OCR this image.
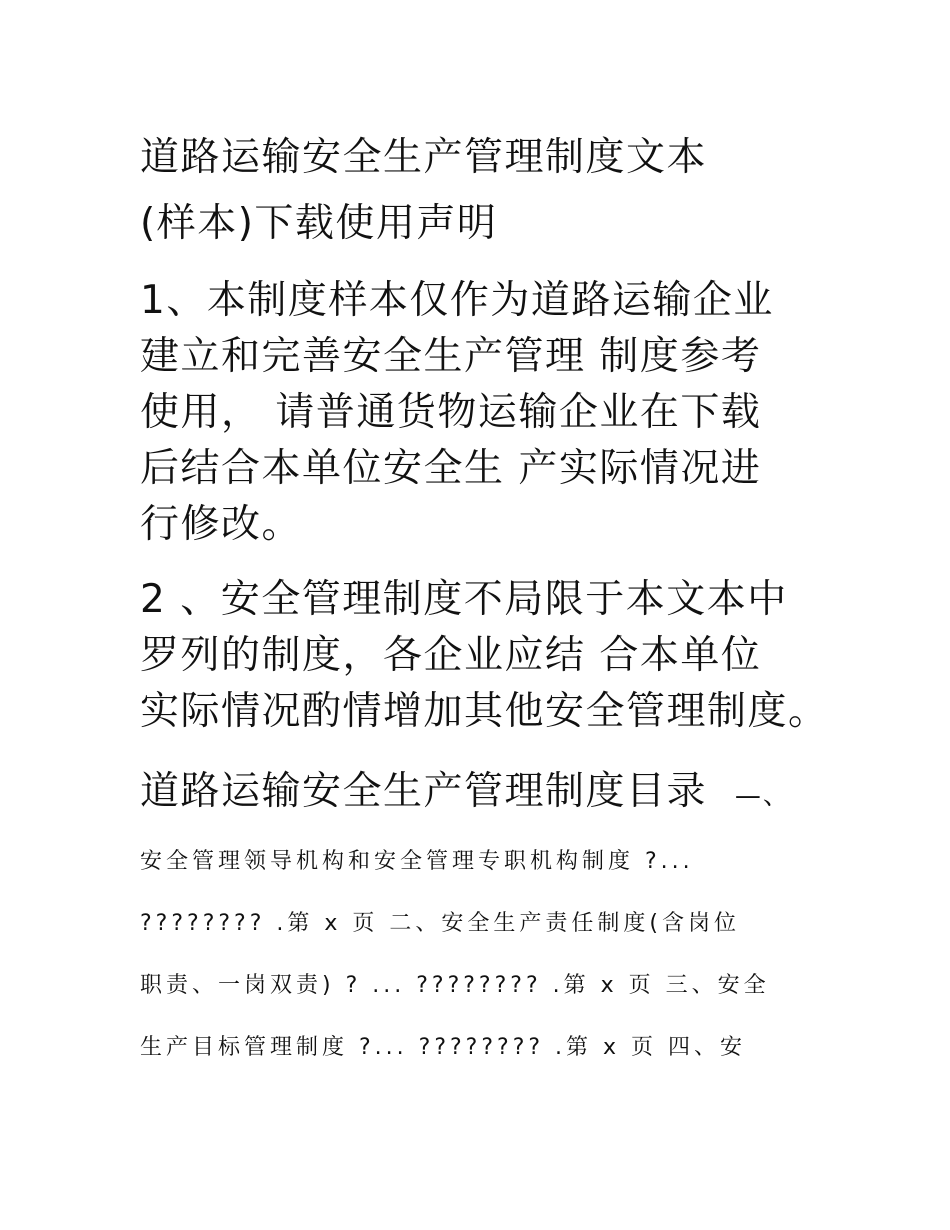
道路运输安全生产管理制度文本

(样本)下载使用声明

1、本制度样本仅作为道路运输企业

建立和完善安全生产管理 制度参考

使用， 请普通货物运输企业在下载

后结合本单位安全生 产实际情况进

行修改。

2 、安全管理制度不局限于本文本中

罗列的制度，各企业应结 合本单位

实际情况酌情增加其他安全管理制度。

道路运输安全生产管理制度目录 —、

安全管理领导机构和安全管理专职机构制度 ?...

???????? .第 x 页 二、安全生产责任制度(含岗位

职责、一岗双责) ? ... ???????? .第 x 页 三、安全

生产目标管理制度 ?... ???????? .第 x 页 四、安
